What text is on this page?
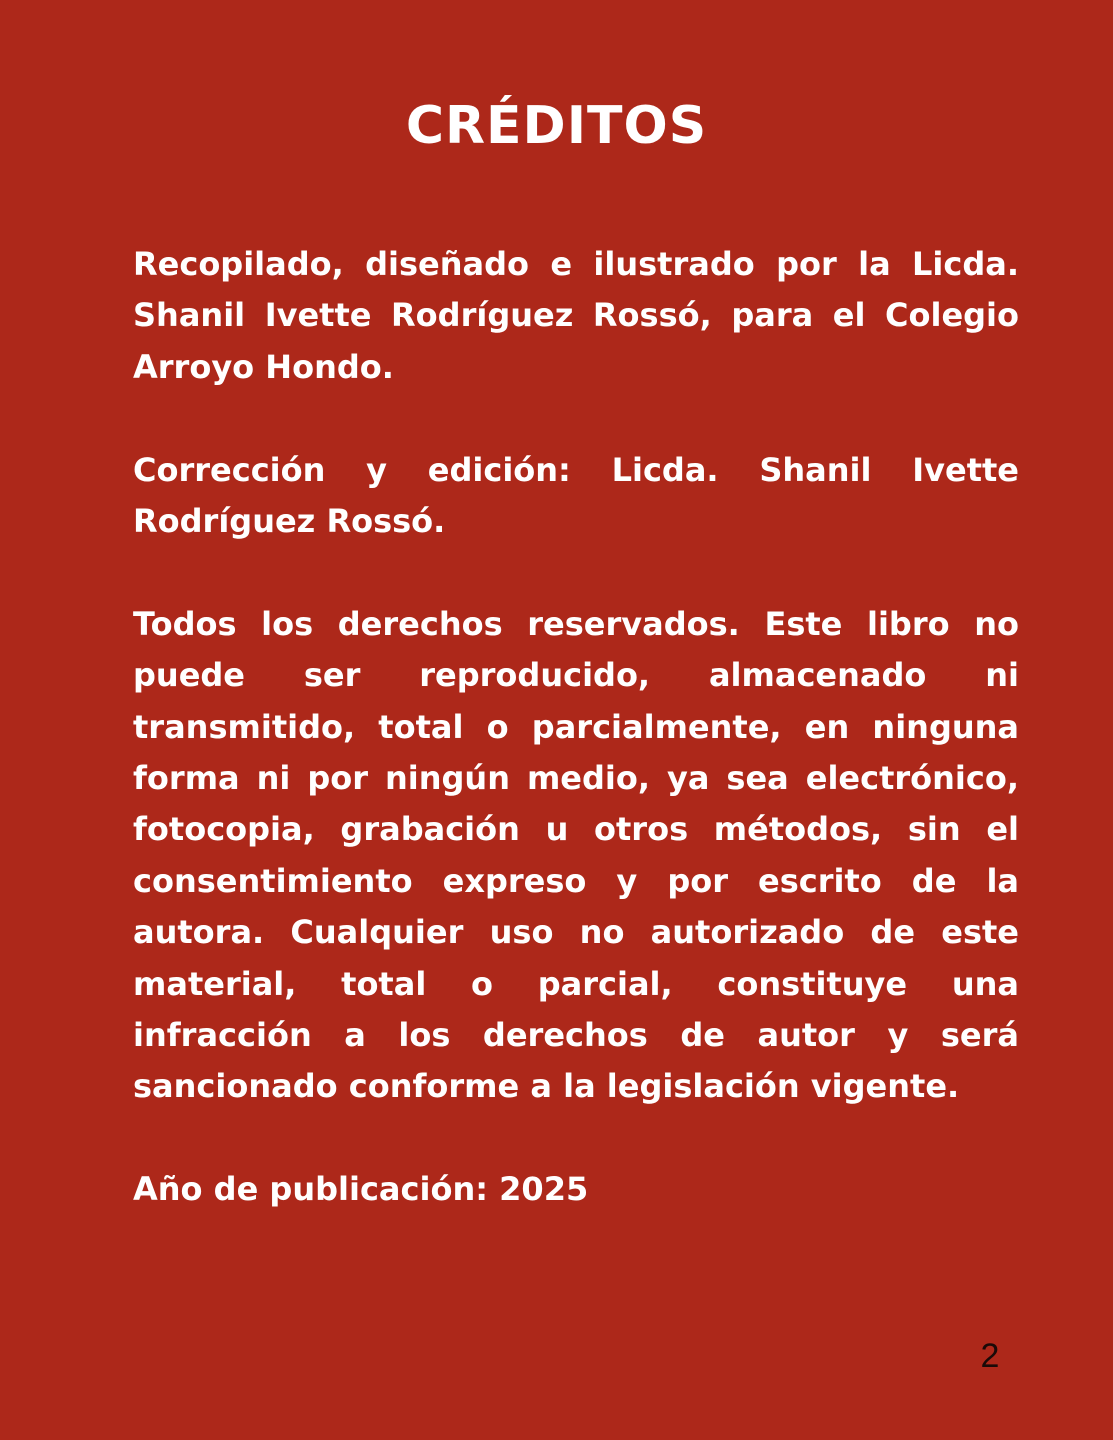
CRÉDITOS

Recopilado, diseñado e ilustrado por la Licda. Shanil Ivette Rodríguez Rossó, para el Colegio Arroyo Hondo.

Corrección y edición: Licda. Shanil Ivette Rodríguez Rossó.

Todos los derechos reservados. Este libro no puede ser reproducido, almacenado ni transmitido, total o parcialmente, en ninguna forma ni por ningún medio, ya sea electrónico, fotocopia, grabación u otros métodos, sin el consentimiento expreso y por escrito de la autora. Cualquier uso no autorizado de este material, total o parcial, constituye una infracción a los derechos de autor y será sancionado conforme a la legislación vigente.

Año de publicación: 2025

2
